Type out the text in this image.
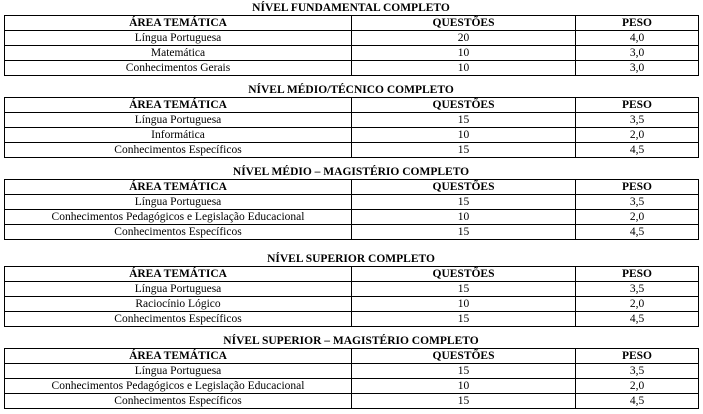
NÍVEL FUNDAMENTAL COMPLETO
ÁREA TEMÁTICA	QUESTÕES	PESO
Língua Portuguesa	20	4,0
Matemática	10	3,0
Conhecimentos Gerais	10	3,0
NÍVEL MÉDIO/TÉCNICO COMPLETO
ÁREA TEMÁTICA	QUESTÕES	PESO
Língua Portuguesa	15	3,5
Informática	10	2,0
Conhecimentos Específicos	15	4,5
NÍVEL MÉDIO – MAGISTÉRIO COMPLETO
ÁREA TEMÁTICA	QUESTÕES	PESO
Língua Portuguesa	15	3,5
Conhecimentos Pedagógicos e Legislação Educacional	10	2,0
Conhecimentos Específicos	15	4,5
NÍVEL SUPERIOR COMPLETO
ÁREA TEMÁTICA	QUESTÕES	PESO
Língua Portuguesa	15	3,5
Raciocínio Lógico	10	2,0
Conhecimentos Específicos	15	4,5
NÍVEL SUPERIOR – MAGISTÉRIO COMPLETO
ÁREA TEMÁTICA	QUESTÕES	PESO
Língua Portuguesa	15	3,5
Conhecimentos Pedagógicos e Legislação Educacional	10	2,0
Conhecimentos Específicos	15	4,5
